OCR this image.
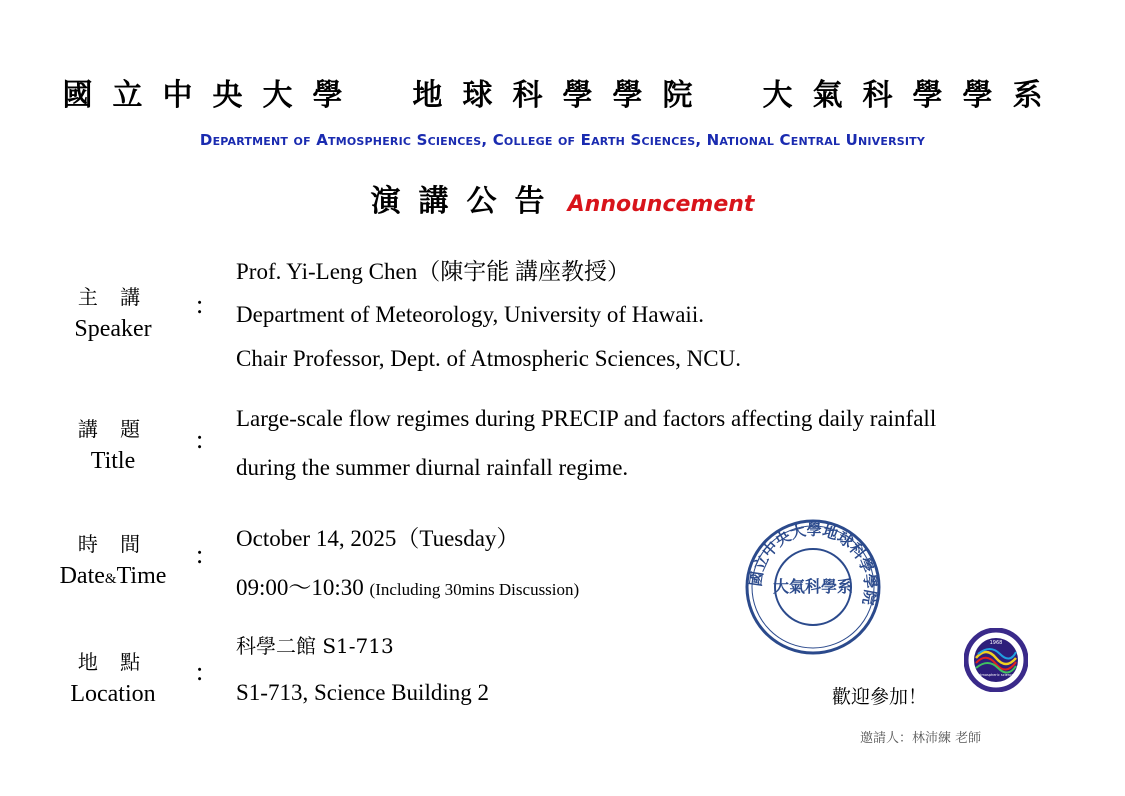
國立中央大學　地球科學學院　大氣科學學系
Department of Atmospheric Sciences, College of Earth Sciences, National Central University
演講公告 Announcement
主 講
Speaker
:
Prof. Yi-Leng Chen（陳宇能 講座教授）
Department of Meteorology, University of Hawaii.
Chair Professor, Dept. of Atmospheric Sciences, NCU.
講 題
Title
:
Large-scale flow regimes during PRECIP and factors affecting daily rainfall
during the summer diurnal rainfall regime.
時 間
Date&Time
:
October 14, 2025（Tuesday）
09:00～10:30 (Including 30mins Discussion)
地 點
Location
:
科學二館 S1-713
S1-713, Science Building 2
國立中央大學地球科學學院
大氣科學系
1968
atmospheric science
歡迎參加！
邀請人：林沛練 老師
